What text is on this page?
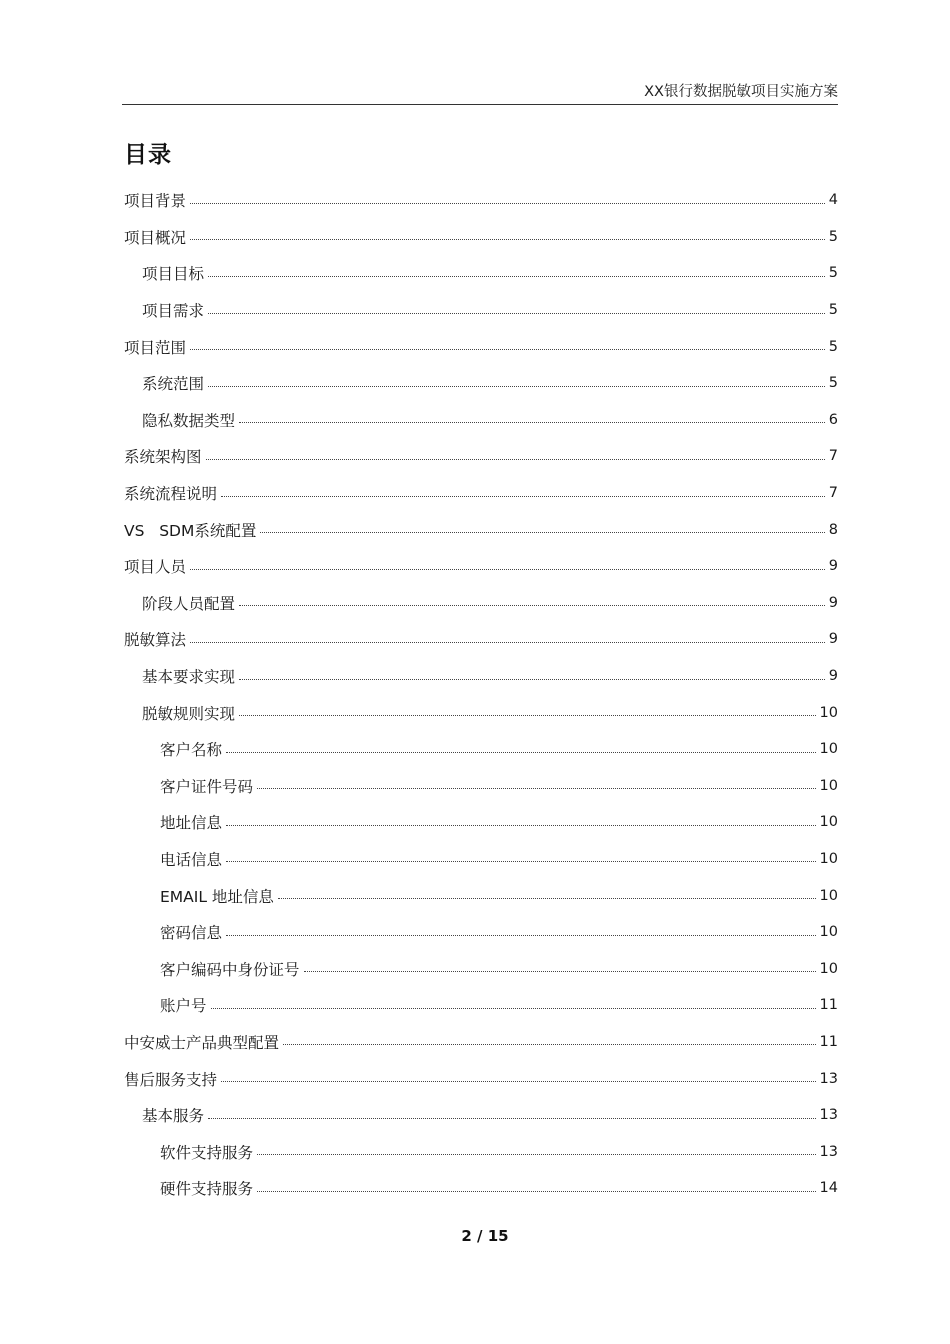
XX银行数据脱敏项目实施方案
目录
项目背景	4
项目概况	5
项目目标	5
项目需求	5
项目范围	5
系统范围	5
隐私数据类型	6
系统架构图	7
系统流程说明	7
VS   SDM系统配置	8
项目人员	9
阶段人员配置	9
脱敏算法	9
基本要求实现	9
脱敏规则实现	10
客户名称	10
客户证件号码	10
地址信息	10
电话信息	10
EMAIL 地址信息	10
密码信息	10
客户编码中身份证号	10
账户号	11
中安威士产品典型配置	11
售后服务支持	13
基本服务	13
软件支持服务	13
硬件支持服务	14
2 / 15
